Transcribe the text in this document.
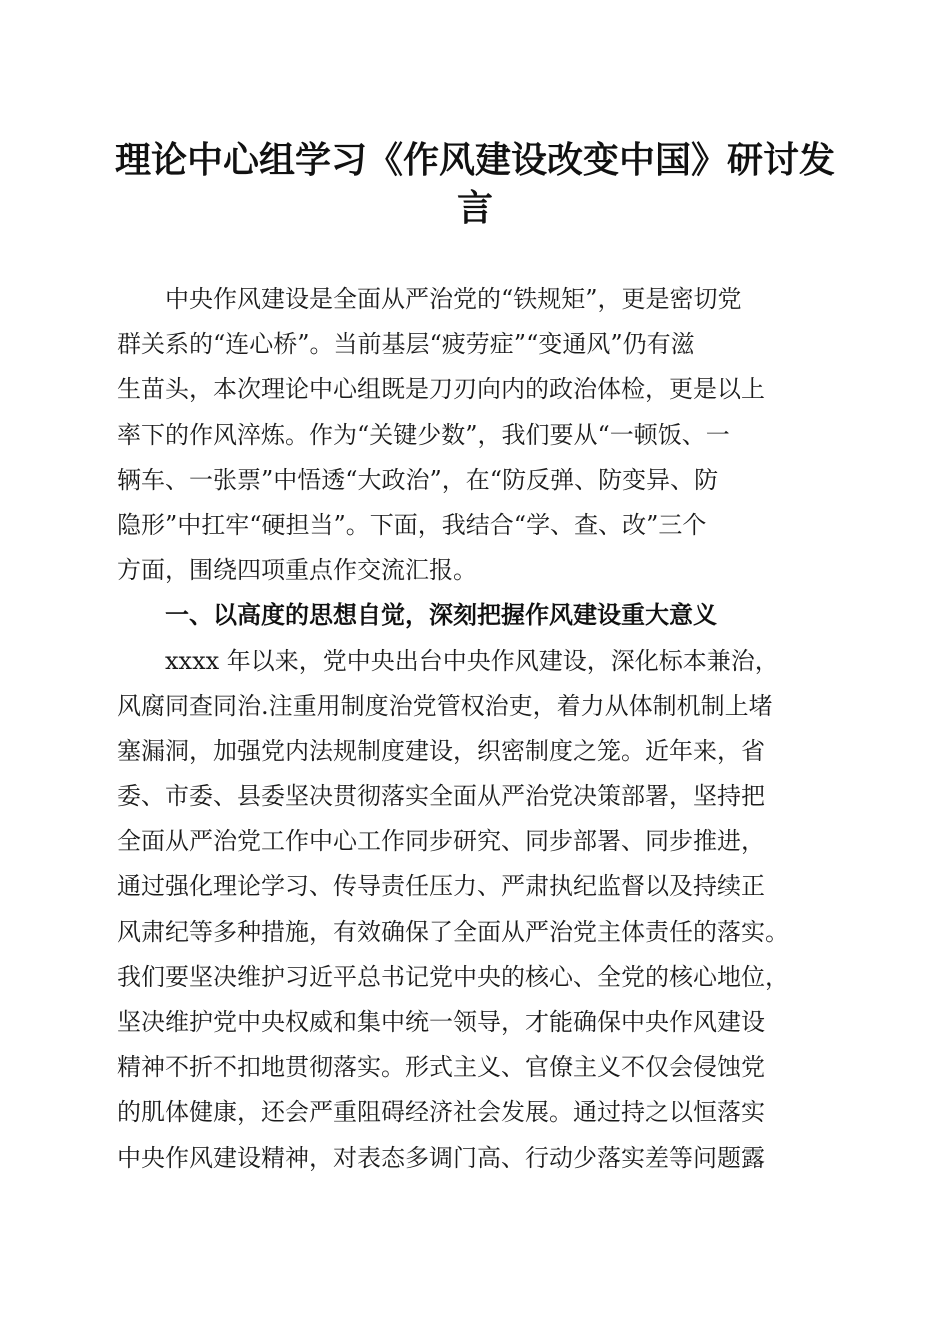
理论中心组学习《作风建设改变中国》研讨发
言
　　中央作风建设是全面从严治党的“铁规矩”，更是密切党
群关系的“连心桥”。当前基层“疲劳症”“变通风”仍有滋
生苗头，本次理论中心组既是刀刃向内的政治体检，更是以上
率下的作风淬炼。作为“关键少数”，我们要从“一顿饭、一
辆车、一张票”中悟透“大政治”，在“防反弹、防变异、防
隐形”中扛牢“硬担当”。下面，我结合“学、查、改”三个
方面，围绕四项重点作交流汇报。
　　一、以高度的思想自觉，深刻把握作风建设重大意义
　　xxxx 年以来，党中央出台中央作风建设，深化标本兼治，
风腐同查同治.注重用制度治党管权治吏，着力从体制机制上堵
塞漏洞，加强党内法规制度建设，织密制度之笼。近年来，省
委、市委、县委坚决贯彻落实全面从严治党决策部署，坚持把
全面从严治党工作中心工作同步研究、同步部署、同步推进，
通过强化理论学习、传导责任压力、严肃执纪监督以及持续正
风肃纪等多种措施，有效确保了全面从严治党主体责任的落实。
我们要坚决维护习近平总书记党中央的核心、全党的核心地位，
坚决维护党中央权威和集中统一领导，才能确保中央作风建设
精神不折不扣地贯彻落实。形式主义、官僚主义不仅会侵蚀党
的肌体健康，还会严重阻碍经济社会发展。通过持之以恒落实
中央作风建设精神，对表态多调门高、行动少落实差等问题露
